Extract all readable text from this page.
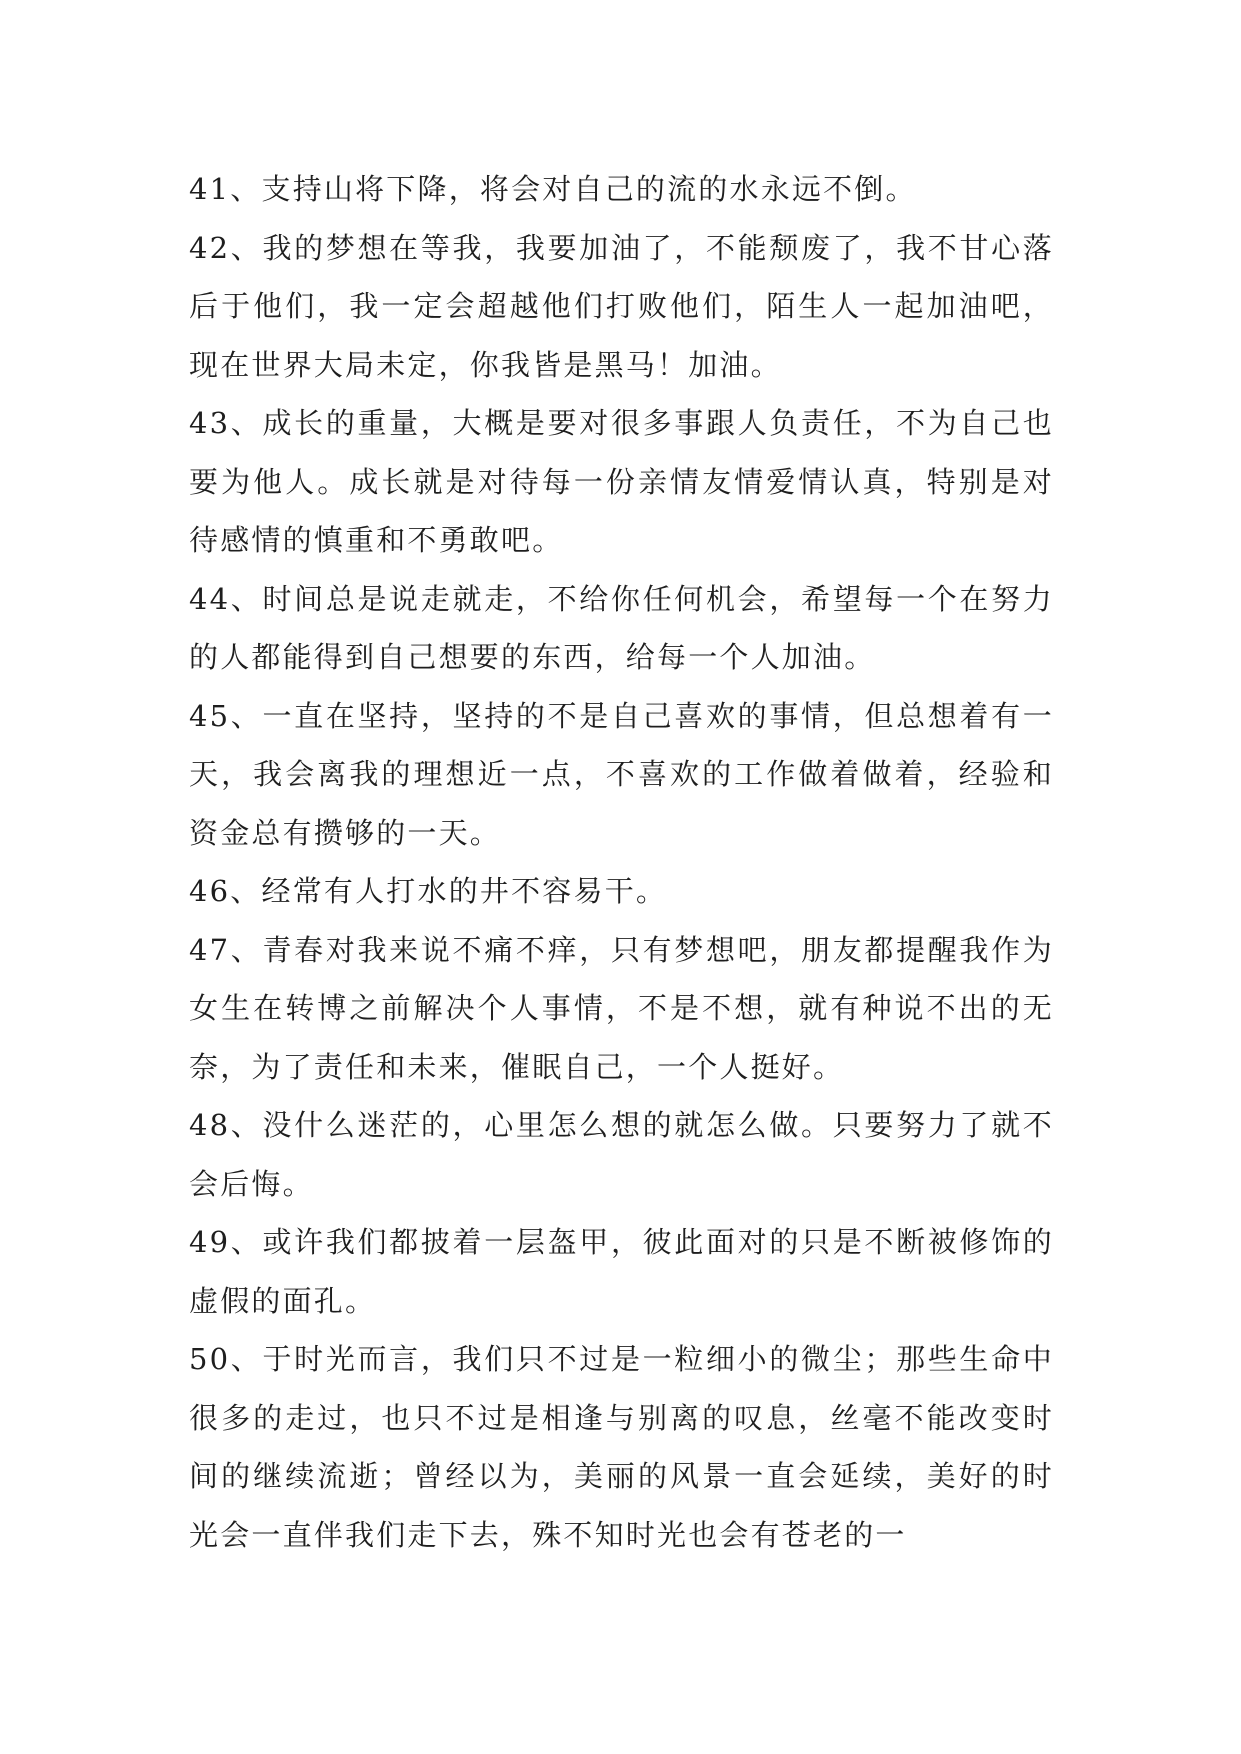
41、支持山将下降，将会对自己的流的水永远不倒。

42、我的梦想在等我，我要加油了，不能颓废了，我不甘心落后于他们，我一定会超越他们打败他们，陌生人一起加油吧，现在世界大局未定，你我皆是黑马！加油。

43、成长的重量，大概是要对很多事跟人负责任，不为自己也要为他人。成长就是对待每一份亲情友情爱情认真，特别是对待感情的慎重和不勇敢吧。

44、时间总是说走就走，不给你任何机会，希望每一个在努力的人都能得到自己想要的东西，给每一个人加油。

45、一直在坚持，坚持的不是自己喜欢的事情，但总想着有一天，我会离我的理想近一点，不喜欢的工作做着做着，经验和资金总有攒够的一天。

46、经常有人打水的井不容易干。

47、青春对我来说不痛不痒，只有梦想吧，朋友都提醒我作为女生在转博之前解决个人事情，不是不想，就有种说不出的无奈，为了责任和未来，催眠自己，一个人挺好。

48、没什么迷茫的，心里怎么想的就怎么做。只要努力了就不会后悔。

49、或许我们都披着一层盔甲，彼此面对的只是不断被修饰的虚假的面孔。

50、于时光而言，我们只不过是一粒细小的微尘；那些生命中很多的走过，也只不过是相逢与别离的叹息，丝毫不能改变时间的继续流逝；曾经以为，美丽的风景一直会延续，美好的时光会一直伴我们走下去，殊不知时光也会有苍老的一
